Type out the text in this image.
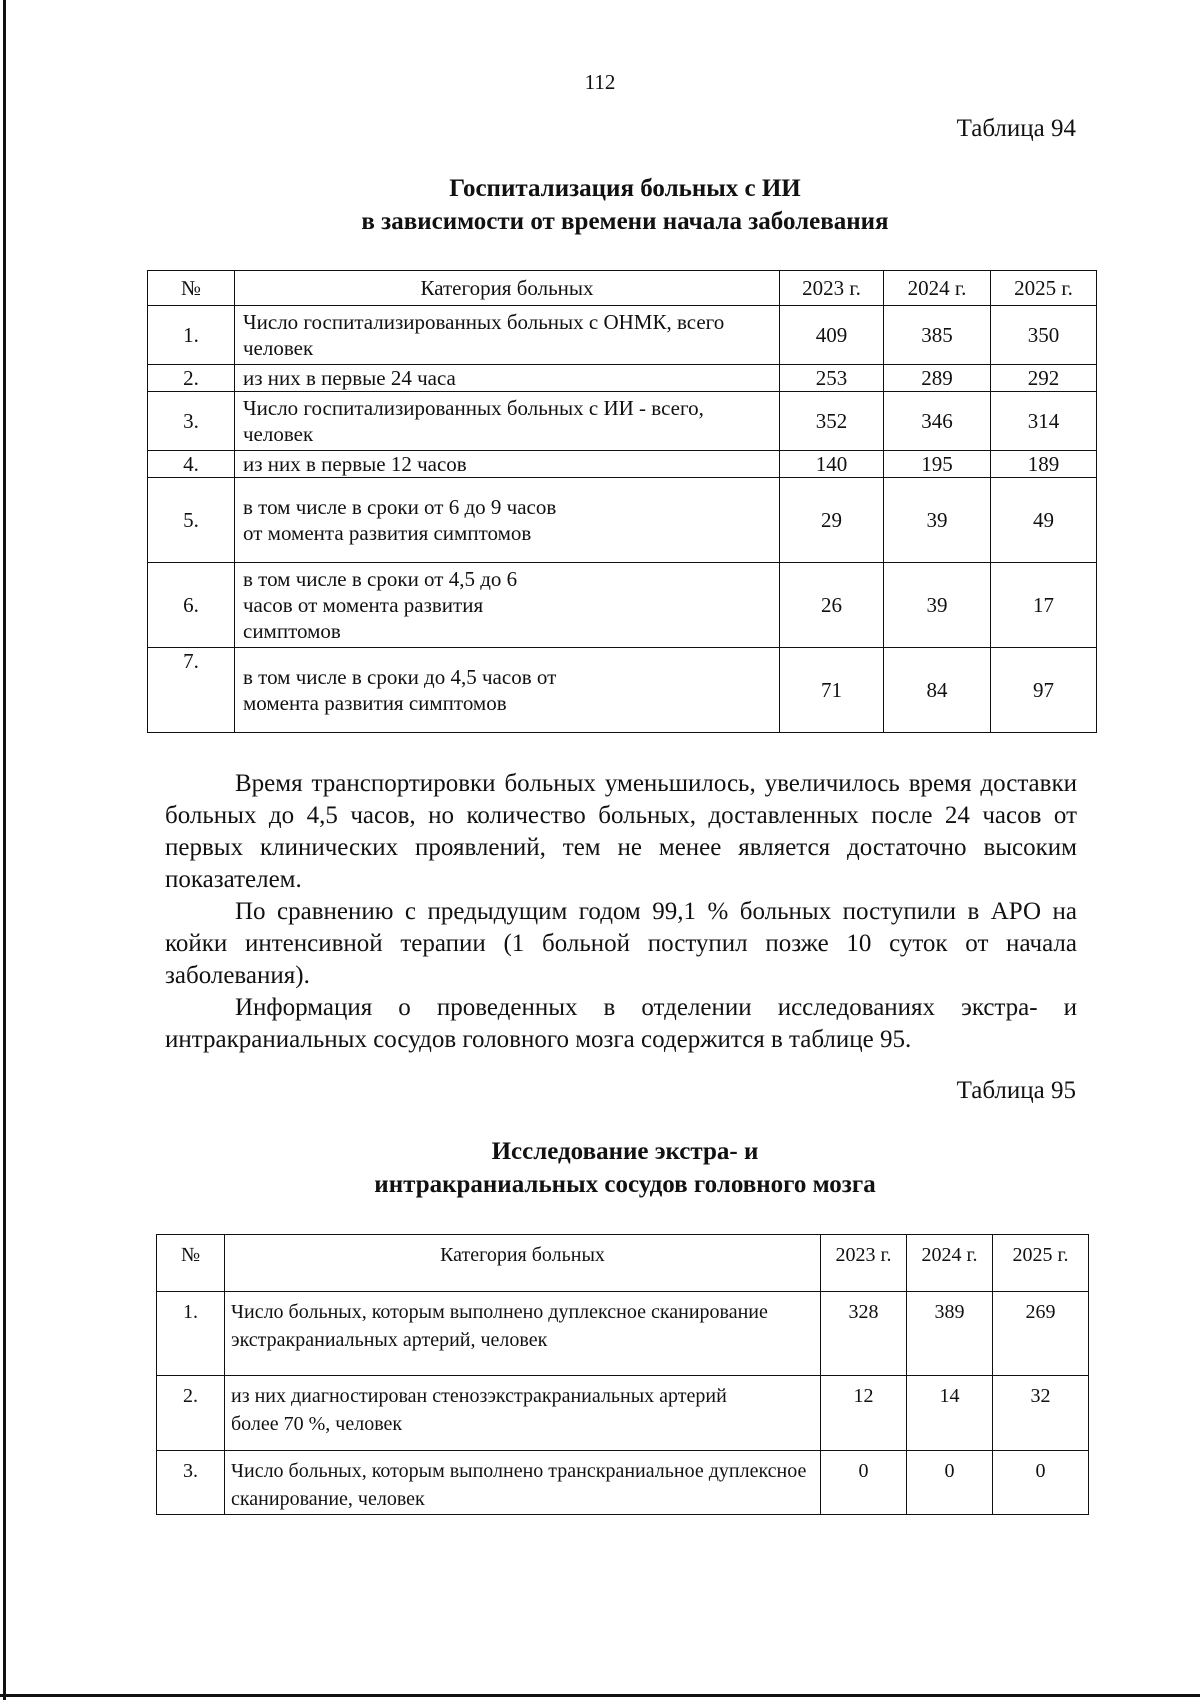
112
Таблица 94
Госпитализация больных с ИИ
в зависимости от времени начала заболевания
№	Категория больных	2023 г.	2024 г.	2025 г.
1.	Число госпитализированных больных с ОНМК, всего человек	409	385	350
2.	из них в первые 24 часа	253	289	292
3.	Число госпитализированных больных с ИИ - всего, человек	352	346	314
4.	из них в первые 12 часов	140	195	189
5.	в том числе в сроки от 6 до 9 часов от момента развития симптомов	29	39	49
6.	в том числе в сроки от 4,5 до 6 часов от момента развития симптомов	26	39	17
7.	в том числе в сроки до 4,5 часов от момента развития симптомов	71	84	97

Время транспортировки больных уменьшилось, увеличилось время доставки больных до 4,5 часов, но количество больных, доставленных после 24 часов от первых клинических проявлений, тем не менее является достаточно высоким показателем.

По сравнению с предыдущим годом 99,1 % больных поступили в АРО на койки интенсивной терапии (1 больной поступил позже 10 суток от начала заболевания).

Информация о проведенных в отделении исследованиях экстра- и интракраниальных сосудов головного мозга содержится в таблице 95.

Таблица 95
Исследование экстра- и
интракраниальных сосудов головного мозга
№	Категория больных	2023 г.	2024 г.	2025 г.
1.	Число больных, которым выполнено дуплексное сканирование экстракраниальных артерий, человек	328	389	269
2.	из них диагностирован стенозэкстракраниальных артерий более 70 %, человек	12	14	32
3.	Число больных, которым выполнено транскраниальное дуплексное сканирование, человек	0	0	0
